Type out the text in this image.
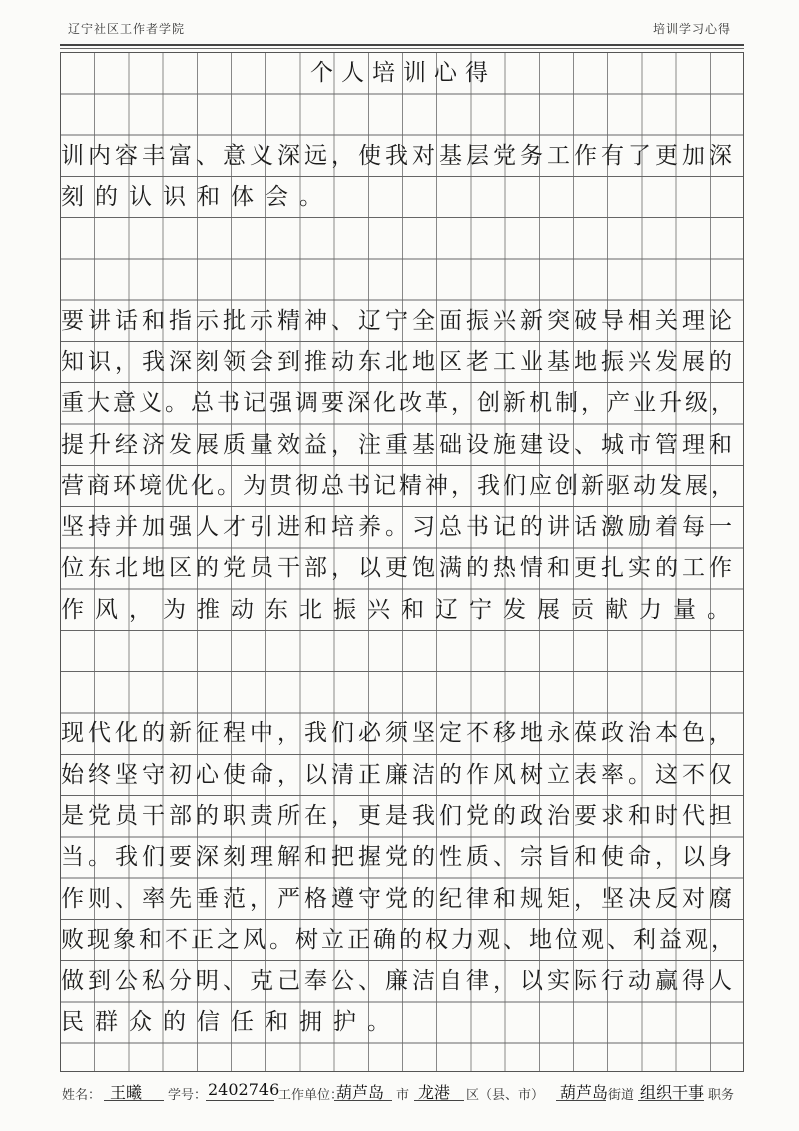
辽宁社区工作者学院	培训学习心得
个人培训心得
训内容丰富、意义深远，使我对基层党务工作有了更加深
刻的认识和体会。
要讲话和指示批示精神、辽宁全面振兴新突破导相关理论
知识，我深刻领会到推动东北地区老工业基地振兴发展的
重大意义。总书记强调要深化改革，创新机制，产业升级，
提升经济发展质量效益，注重基础设施建设、城市管理和
营商环境优化。为贯彻总书记精神，我们应创新驱动发展，
坚持并加强人才引进和培养。习总书记的讲话激励着每一
位东北地区的党员干部，以更饱满的热情和更扎实的工作
作风，为推动东北振兴和辽宁发展贡献力量。
现代化的新征程中，我们必须坚定不移地永葆政治本色，
始终坚守初心使命，以清正廉洁的作风树立表率。这不仅
是党员干部的职责所在，更是我们党的政治要求和时代担
当。我们要深刻理解和把握党的性质、宗旨和使命，以身
作则、率先垂范，严格遵守党的纪律和规矩，坚决反对腐
败现象和不正之风。树立正确的权力观、地位观、利益观，
做到公私分明、克己奉公、廉洁自律，以实际行动赢得人
民群众的信任和拥护。
姓名： 王曦 学号： 2402746
工作单位：
葫芦岛 市 龙港 区（县、市） 葫芦岛 街道 组织干事 职务
